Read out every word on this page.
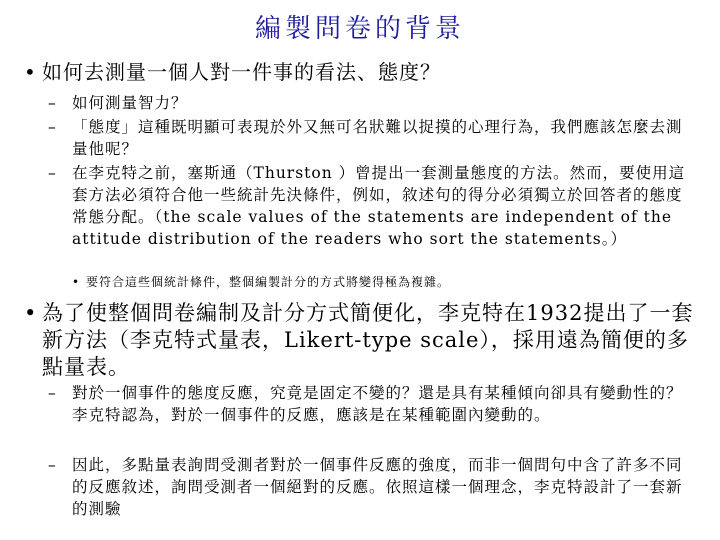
編製問卷的背景
• 如何去測量一個人對一件事的看法、態度？
– 如何測量智力？
– 「態度」這種既明顯可表現於外又無可名狀難以捉摸的心理行為，我們應該怎麼去測量他呢？
– 在李克特之前，塞斯通（Thurston ）曾提出一套測量態度的方法。然而，要使用這套方法必須符合他一些統計先決條件，例如，敘述句的得分必須獨立於回答者的態度常態分配。（the scale values of the statements are independent of the attitude distribution of the readers who sort the statements。）
• 要符合這些個統計條件，整個編製計分的方式將變得極為複雜。
• 為了使整個問卷編制及計分方式簡便化，李克特在1932提出了一套新方法（李克特式量表，Likert-type scale），採用遠為簡便的多點量表。
– 對於一個事件的態度反應，究竟是固定不變的？還是具有某種傾向卻具有變動性的？李克特認為，對於一個事件的反應，應該是在某種範圍內變動的。
– 因此，多點量表詢問受測者對於一個事件反應的強度，而非一個問句中含了許多不同的反應敘述，詢問受測者一個絕對的反應。依照這樣一個理念，李克特設計了一套新的測驗
